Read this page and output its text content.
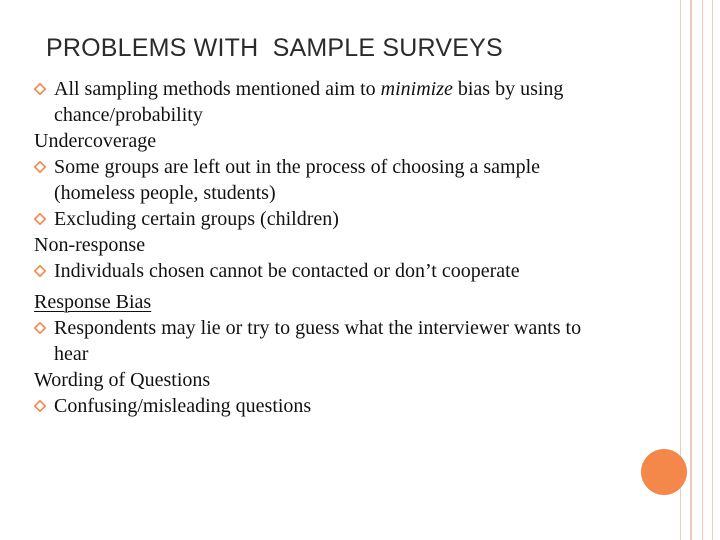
PROBLEMS WITH  SAMPLE SURVEYS
All sampling methods mentioned aim to minimize bias by using
chance/probability
Undercoverage
Some groups are left out in the process of choosing a sample
(homeless people, students)
Excluding certain groups (children)
Non-response
Individuals chosen cannot be contacted or don’t cooperate
Response Bias
Respondents may lie or try to guess what the interviewer wants to
hear
Wording of Questions
Confusing/misleading questions
